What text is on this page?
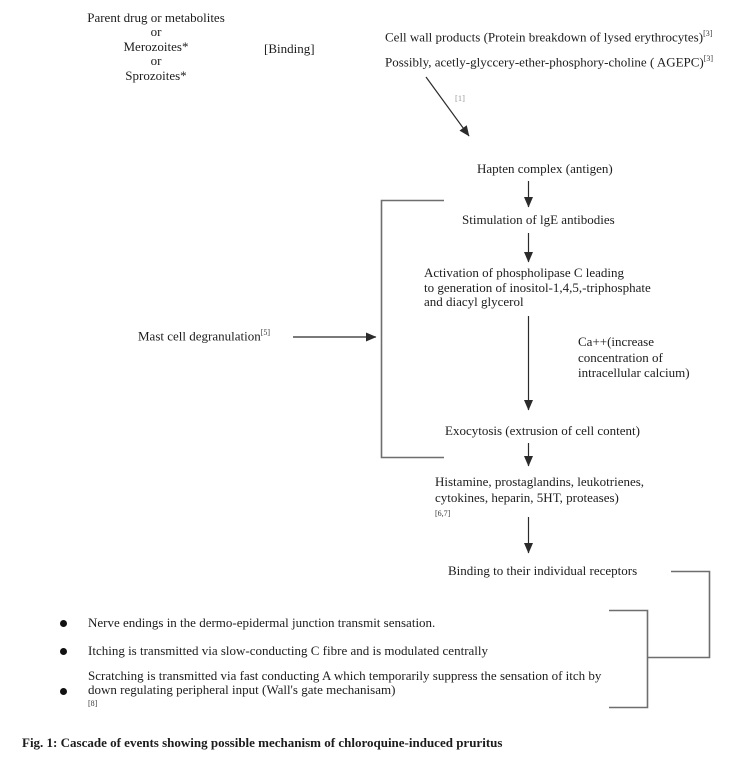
Parent drug or metabolites
or
Merozoites*
or
Sprozoites*
[Binding]
Cell wall products (Protein breakdown of lysed erythrocytes)[3]
Possibly, acetly-glyccery-ether-phosphory-choline ( AGEPC)[3]
[1]
Hapten complex (antigen)
Stimulation of lgE antibodies
Activation of phospholipase C leading
to generation of inositol-1,4,5,-triphosphate
and diacyl glycerol
Ca++(increase
concentration of
intracellular calcium)
Mast cell degranulation[5]
Exocytosis (extrusion of cell content)
Histamine, prostaglandins, leukotrienes,
cytokines, heparin, 5HT, proteases)
[6,7]
Binding to their individual receptors
Nerve endings in the dermo-epidermal junction transmit sensation.
Itching is transmitted via slow-conducting C fibre and is modulated centrally
Scratching is transmitted via fast conducting A which temporarily suppress the sensation of itch by
down regulating peripheral input (Wall's gate mechanisam)
[8]
Fig. 1: Cascade of events showing possible mechanism of chloroquine-induced pruritus
